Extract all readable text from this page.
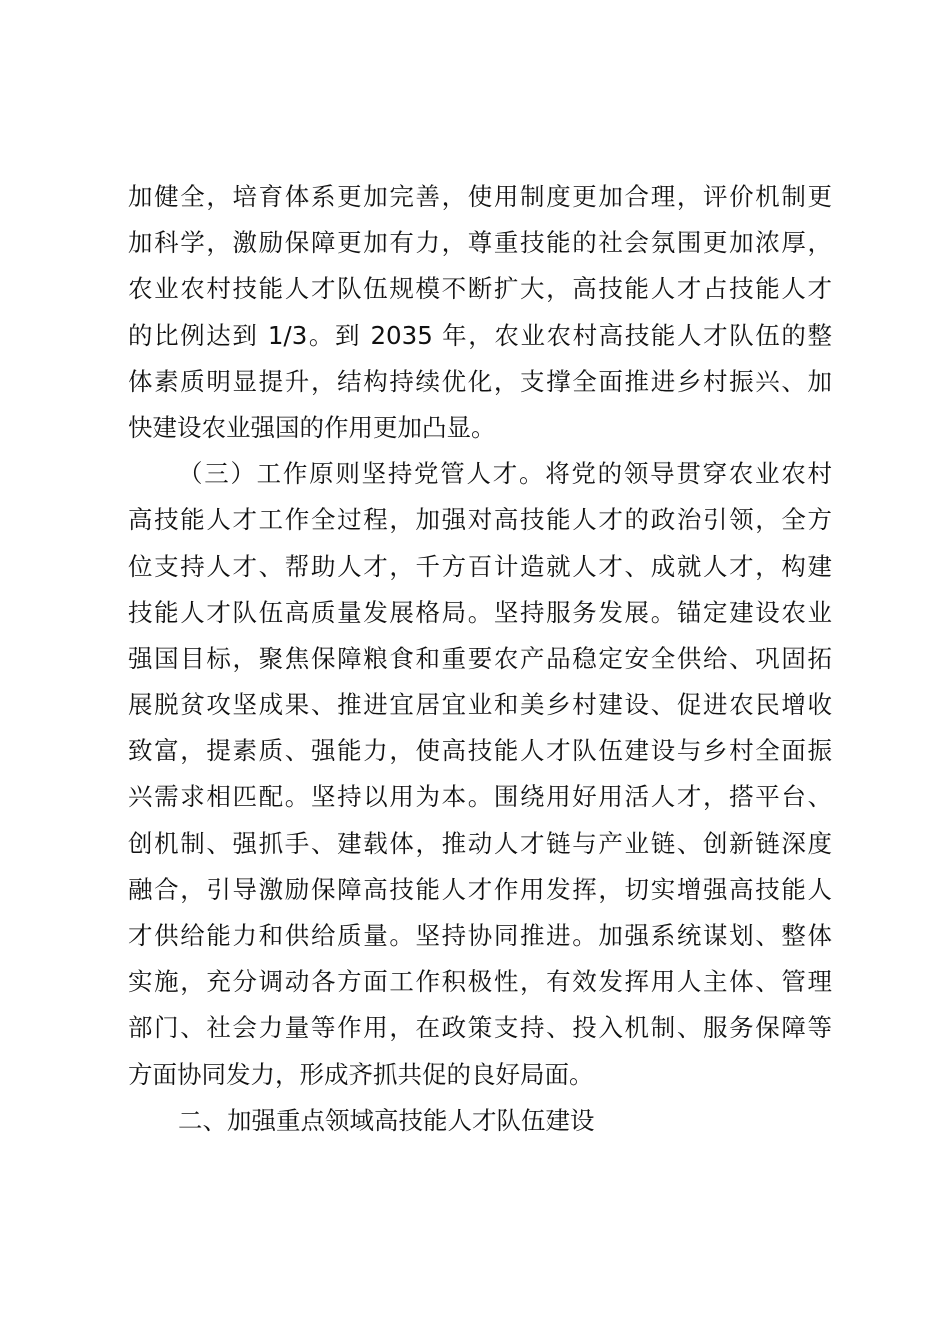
加健全，培育体系更加完善，使用制度更加合理，评价机制更
加科学，激励保障更加有力，尊重技能的社会氛围更加浓厚，
农业农村技能人才队伍规模不断扩大，高技能人才占技能人才
的比例达到 1/3。到 2035 年，农业农村高技能人才队伍的整
体素质明显提升，结构持续优化，支撑全面推进乡村振兴、加
快建设农业强国的作用更加凸显。
（三）工作原则坚持党管人才。将党的领导贯穿农业农村
高技能人才工作全过程，加强对高技能人才的政治引领，全方
位支持人才、帮助人才，千方百计造就人才、成就人才，构建
技能人才队伍高质量发展格局。坚持服务发展。锚定建设农业
强国目标，聚焦保障粮食和重要农产品稳定安全供给、巩固拓
展脱贫攻坚成果、推进宜居宜业和美乡村建设、促进农民增收
致富，提素质、强能力，使高技能人才队伍建设与乡村全面振
兴需求相匹配。坚持以用为本。围绕用好用活人才，搭平台、
创机制、强抓手、建载体，推动人才链与产业链、创新链深度
融合，引导激励保障高技能人才作用发挥，切实增强高技能人
才供给能力和供给质量。坚持协同推进。加强系统谋划、整体
实施，充分调动各方面工作积极性，有效发挥用人主体、管理
部门、社会力量等作用，在政策支持、投入机制、服务保障等
方面协同发力，形成齐抓共促的良好局面。
二、加强重点领域高技能人才队伍建设
